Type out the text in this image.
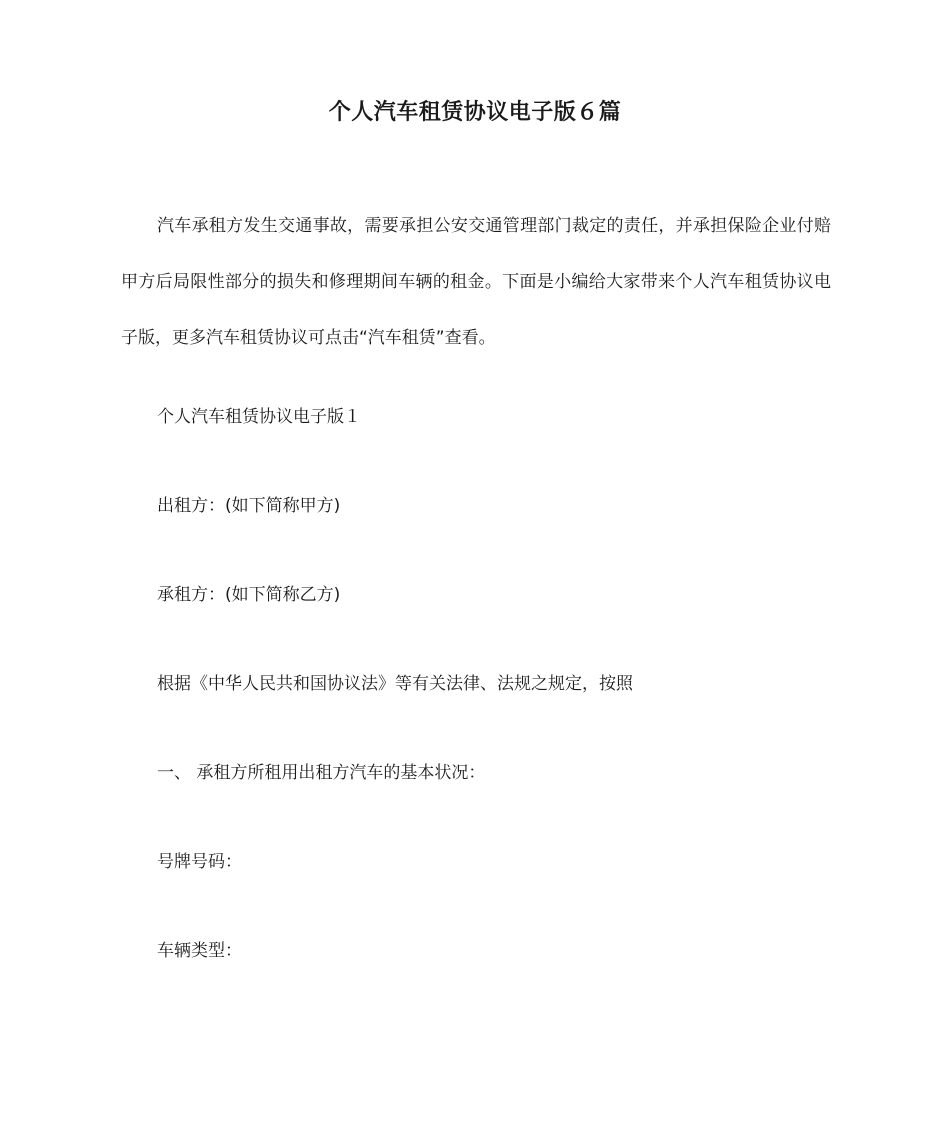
个人汽车租赁协议电子版６篇

汽车承租方发生交通事故，需要承担公安交通管理部门裁定的责任，并承担保险企业付赔甲方后局限性部分的损失和修理期间车辆的租金。下面是小编给大家带来个人汽车租赁协议电子版，更多汽车租赁协议可点击“汽车租赁”查看。

个人汽车租赁协议电子版１

出租方：(如下简称甲方)

承租方：(如下简称乙方)

根据《中华人民共和国协议法》等有关法律、法规之规定，按照

一、 承租方所租用出租方汽车的基本状况：

号牌号码：

车辆类型：
